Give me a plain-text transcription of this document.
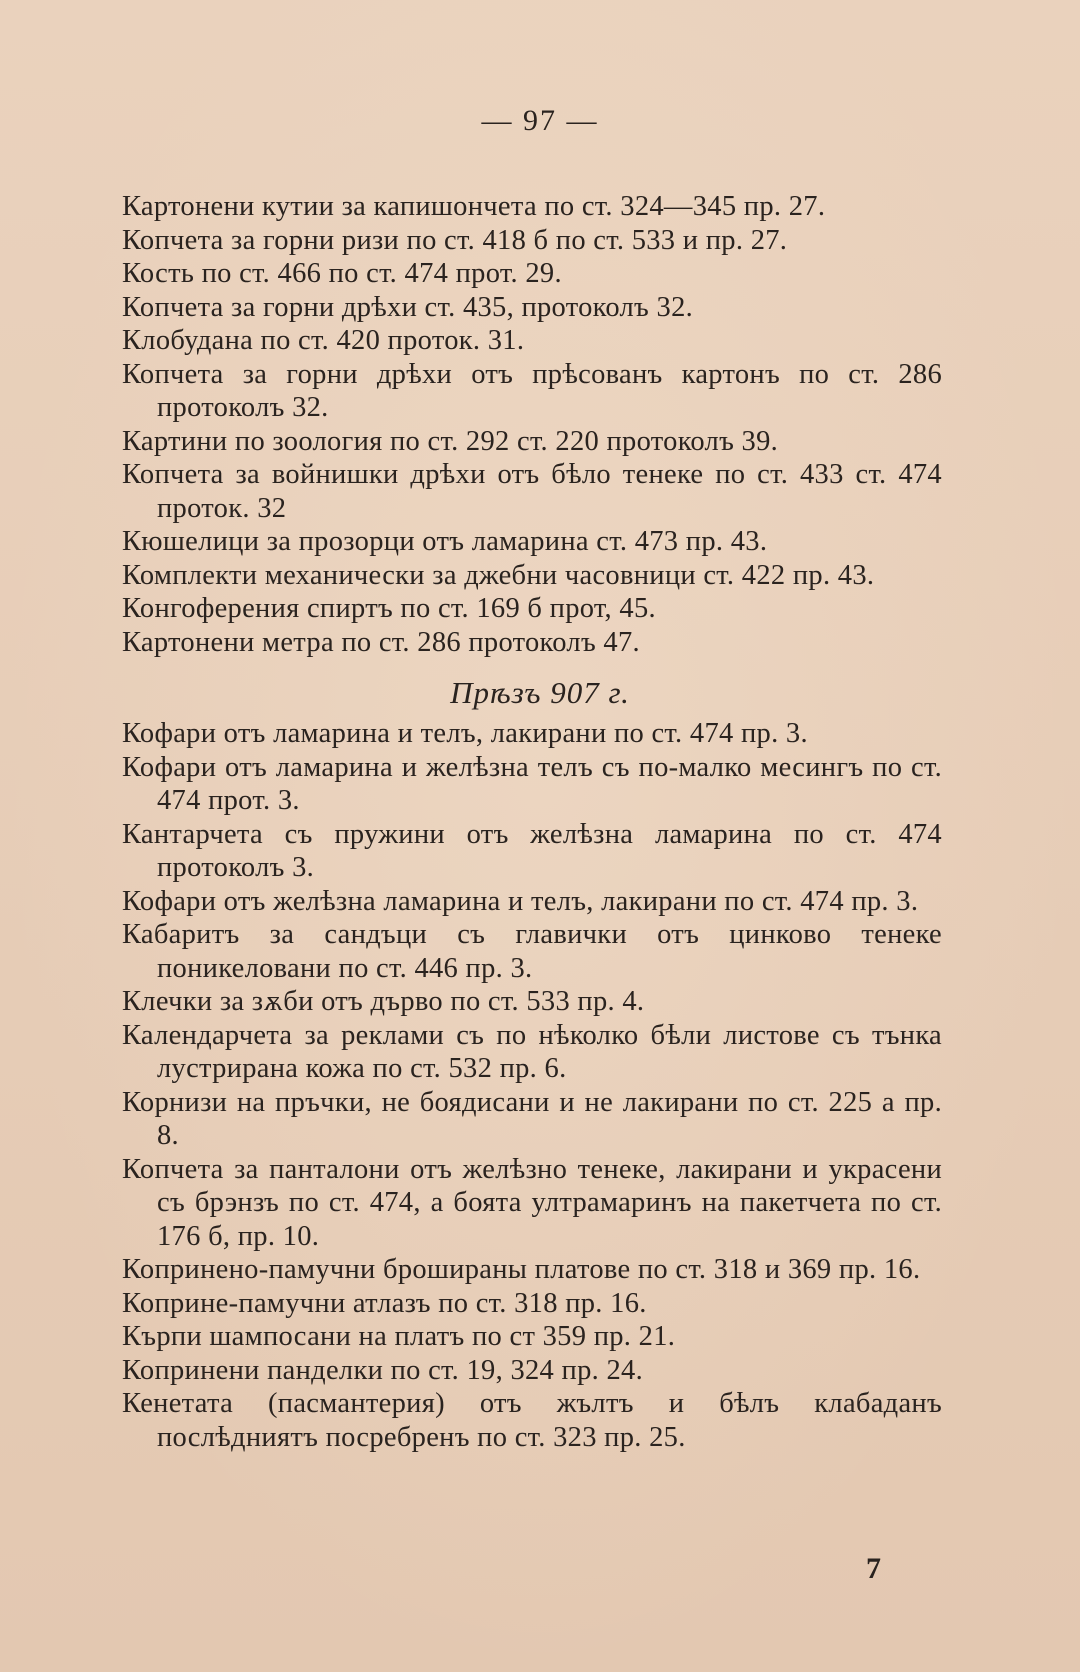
— 97 —
Картонени кутии за капишончета по ст. 324—345 пр. 27.
Копчета за горни ризи по ст. 418 б по ст. 533 и пр. 27.
Кость по ст. 466 по ст. 474 прот. 29.
Копчета за горни дрѣхи ст. 435, протоколъ 32.
Клобудана по ст. 420 проток. 31.
Копчета за горни дрѣхи отъ прѣсованъ картонъ по ст. 286 протоколъ 32.
Картини по зоология по ст. 292 ст. 220 протоколъ 39.
Копчета за войнишки дрѣхи отъ бѣло тенеке по ст. 433 ст. 474 проток. 32
Кюшелици за прозорци отъ ламарина ст. 473 пр. 43.
Комплекти механически за джебни часовници ст. 422 пр. 43.
Конгоферения спиртъ по ст. 169 б прот, 45.
Картонени метра по ст. 286 протоколъ 47.
Прѣзъ 907 г.
Кофари отъ ламарина и телъ, лакирани по ст. 474 пр. 3.
Кофари отъ ламарина и желѣзна телъ съ по-малко месингъ по ст. 474 прот. 3.
Кантарчета съ пружини отъ желѣзна ламарина по ст. 474 протоколъ 3.
Кофари отъ желѣзна ламарина и телъ, лакирани по ст. 474 пр. 3.
Кабаритъ за сандъци съ главички отъ цинково тенеке поникеловани по ст. 446 пр. 3.
Клечки за зѫби отъ дърво по ст. 533 пр. 4.
Календарчета за реклами съ по нѣколко бѣли листове съ тънка лустрирана кожа по ст. 532 пр. 6.
Корнизи на пръчки, не боядисани и не лакирани по ст. 225 а пр. 8.
Копчета за панталони отъ желѣзно тенеке, лакирани и украсени съ брэнзъ по ст. 474, а боята ултрамаринъ на пакетчета по ст. 176 б, пр. 10.
Копринено-памучни брошираны платове по ст. 318 и 369 пр. 16.
Коприне-памучни атлазъ по ст. 318 пр. 16.
Кърпи шампосани на платъ по ст 359 пр. 21.
Копринени панделки по ст. 19, 324 пр. 24.
Кенетата (пасмантерия) отъ жълтъ и бѣлъ клабаданъ послѣдниятъ посребренъ по ст. 323 пр. 25.
7
